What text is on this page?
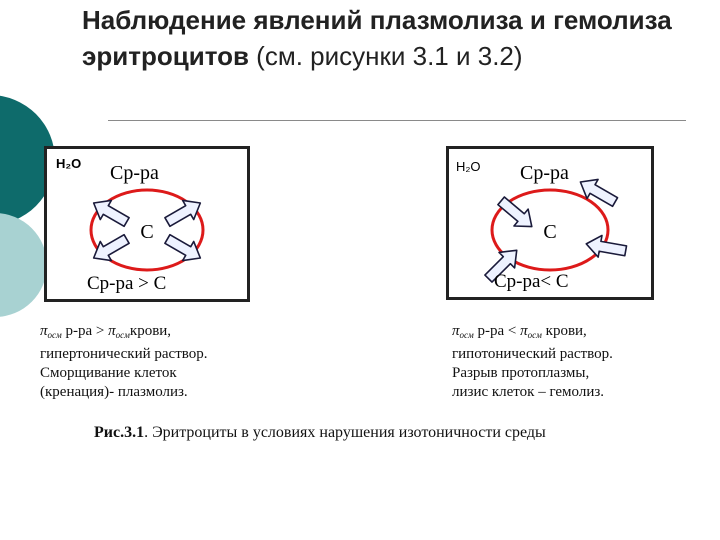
Наблюдение явлений плазмолиза и гемолиза эритроцитов (см. рисунки 3.1 и 3.2)
H₂O Cp-pa
C
Cp-pa > C
H₂O Cp-pa
C
Cp-pa< C
$\pi_{осм}$ $р-ра > \pi_{осм}крови$,
гипертонический раствор.
Сморщивание клеток
(кренация)- плазмолиз.
$\pi_{осм}$ $р-ра < \pi_{осм}$ крови,
гипотонический раствор.
Разрыв протоплазмы,
лизис клеток – гемолиз.
Рис.3.1. Эритроциты в условиях нарушения изотоничности среды
